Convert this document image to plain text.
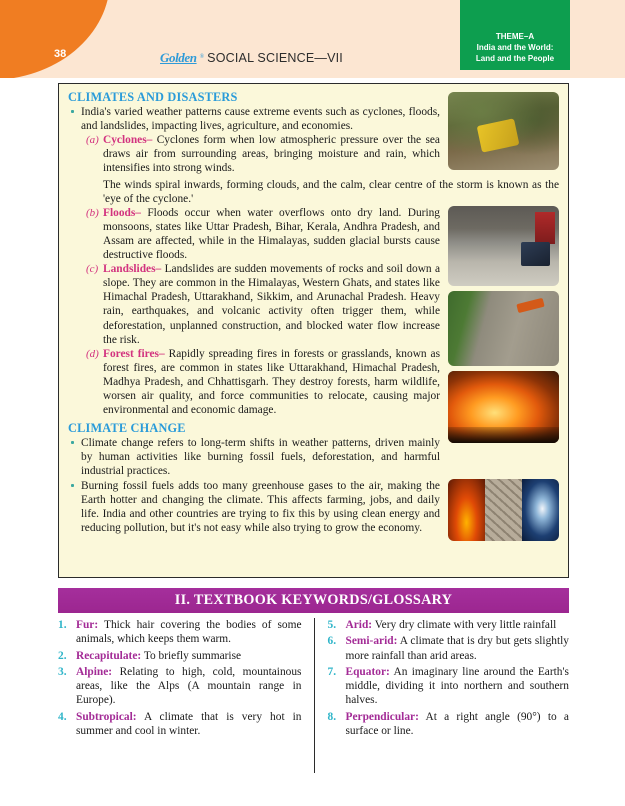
38	Golden ® SOCIAL SCIENCE—VII
THEME–A
India and the World:
Land and the People
CLIMATES AND DISASTERS
India's varied weather patterns cause extreme events such as cyclones, floods, and landslides, impacting lives, agriculture, and economies.
(a) Cyclones– Cyclones form when low atmospheric pressure over the sea draws air from surrounding areas, bringing moisture and rain, which intensifies into strong winds.
The winds spiral inwards, forming clouds, and the calm, clear centre of the storm is known as the 'eye of the cyclone.'
(b) Floods– Floods occur when water overflows onto dry land. During monsoons, states like Uttar Pradesh, Bihar, Kerala, Andhra Pradesh, and Assam are affected, while in the Himalayas, sudden glacial bursts cause destructive floods.
(c) Landslides– Landslides are sudden movements of rocks and soil down a slope. They are common in the Himalayas, Western Ghats, and states like Himachal Pradesh, Uttarakhand, Sikkim, and Arunachal Pradesh. Heavy rain, earthquakes, and volcanic activity often trigger them, while deforestation, unplanned construction, and blocked water flow increase the risk.
(d) Forest fires– Rapidly spreading fires in forests or grasslands, known as forest fires, are common in states like Uttarakhand, Himachal Pradesh, Madhya Pradesh, and Chhattisgarh. They destroy forests, harm wildlife, worsen air quality, and force communities to relocate, causing major environmental and economic damage.
CLIMATE CHANGE
Climate change refers to long-term shifts in weather patterns, driven mainly by human activities like burning fossil fuels, deforestation, and harmful industrial practices.
Burning fossil fuels adds too many greenhouse gases to the air, making the Earth hotter and changing the climate. This affects farming, jobs, and daily life. India and other countries are trying to fix this by using clean energy and reducing pollution, but it's not easy while also trying to grow the economy.
II. TEXTBOOK KEYWORDS/GLOSSARY
1. Fur: Thick hair covering the bodies of some animals, which keeps them warm.
2. Recapitulate: To briefly summarise
3. Alpine: Relating to high, cold, mountainous areas, like the Alps (A mountain range in Europe).
4. Subtropical: A climate that is very hot in summer and cool in winter.
5. Arid: Very dry climate with very little rainfall
6. Semi-arid: A climate that is dry but gets slightly more rainfall than arid areas.
7. Equator: An imaginary line around the Earth's middle, dividing it into northern and southern halves.
8. Perpendicular: At a right angle (90°) to a surface or line.
